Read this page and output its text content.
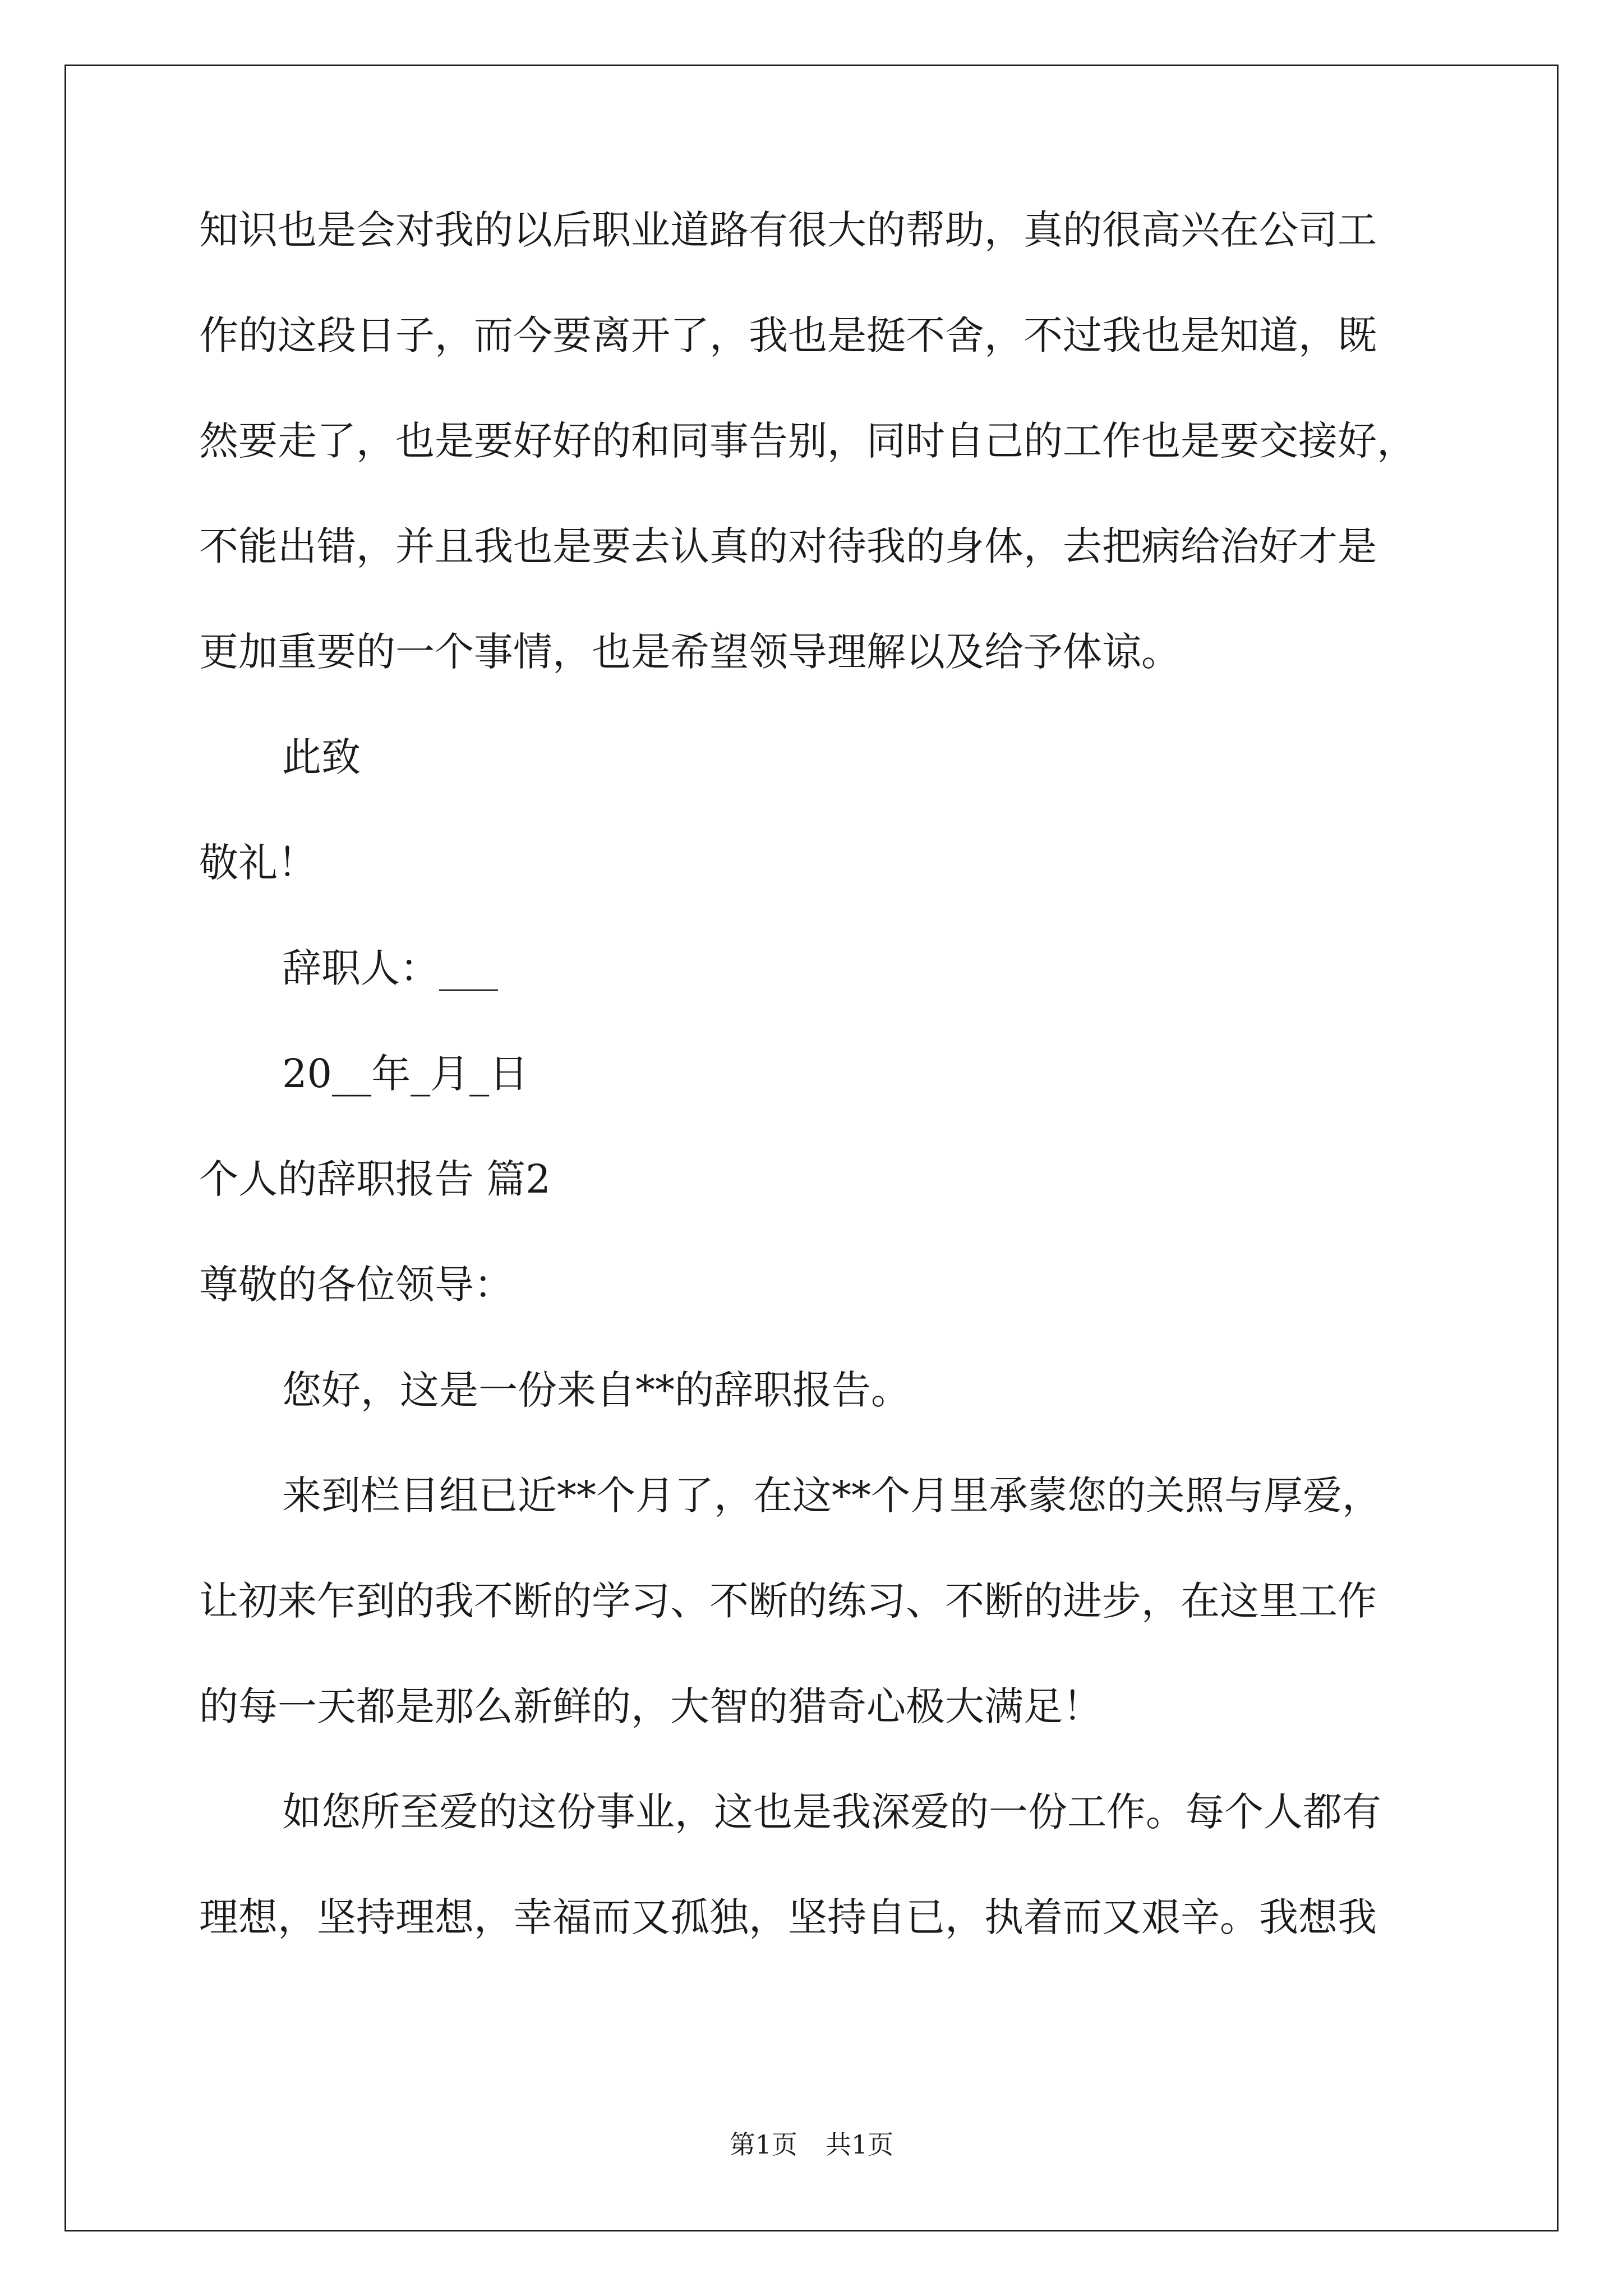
知识也是会对我的以后职业道路有很大的帮助，真的很高兴在公司工
作的这段日子，而今要离开了，我也是挺不舍，不过我也是知道，既
然要走了，也是要好好的和同事告别，同时自己的工作也是要交接好，
不能出错，并且我也是要去认真的对待我的身体，去把病给治好才是
更加重要的一个事情，也是希望领导理解以及给予体谅。
此致
敬礼！
辞职人：___
20__年_月_日
个人的辞职报告 篇2
尊敬的各位领导：
您好，这是一份来自**的辞职报告。
来到栏目组已近**个月了，在这**个月里承蒙您的关照与厚爱，
让初来乍到的我不断的学习、不断的练习、不断的进步，在这里工作
的每一天都是那么新鲜的，大智的猎奇心极大满足！
如您所至爱的这份事业，这也是我深爱的一份工作。每个人都有
理想，坚持理想，幸福而又孤独，坚持自已，执着而又艰辛。我想我
第1页 共1页
